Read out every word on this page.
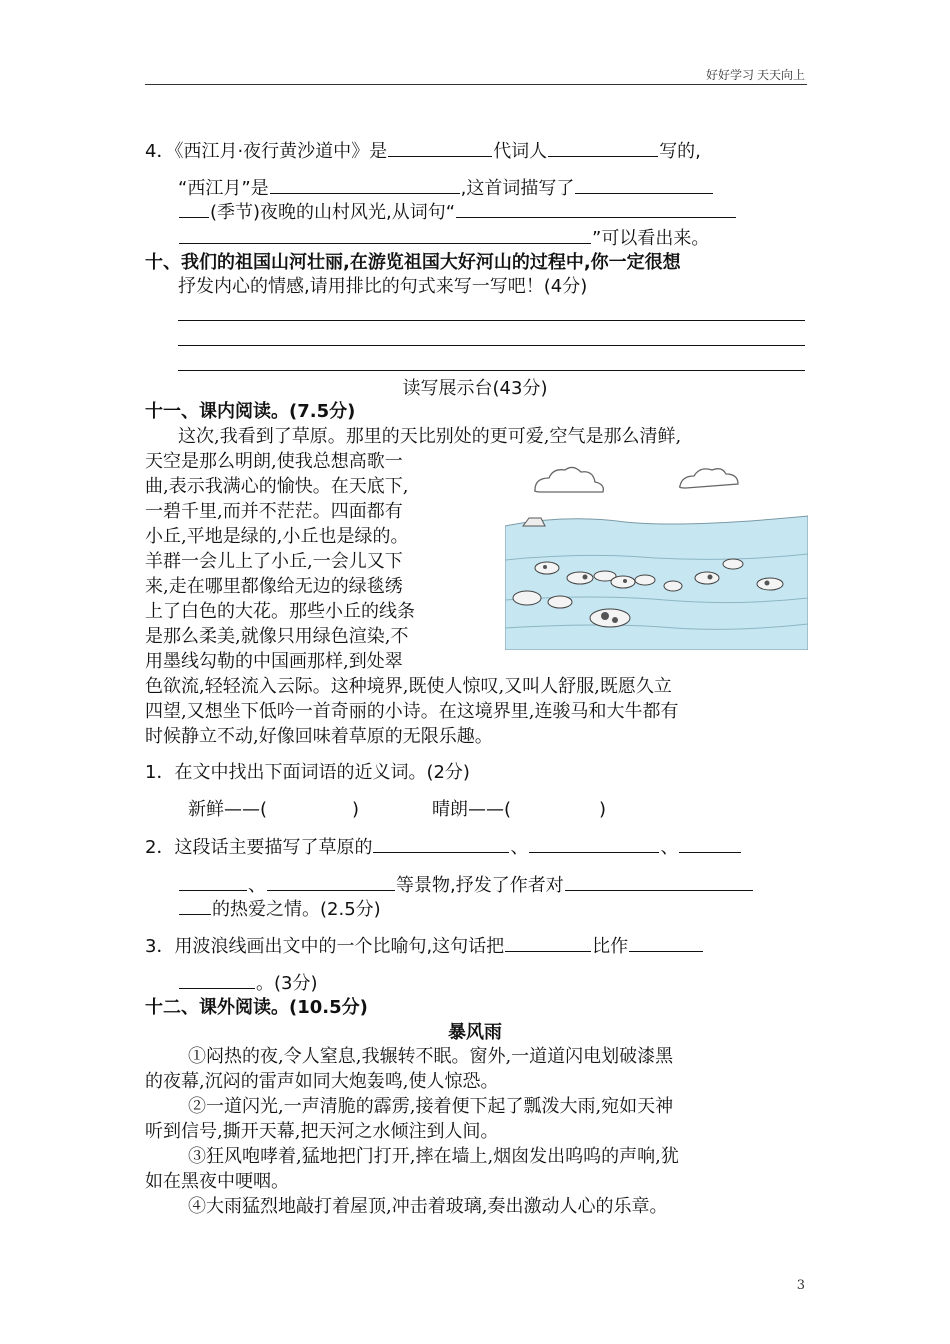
好好学习 天天向上
4．《西江月·夜行黄沙道中》是	代词人	写的,
“西江月”是	,这首词描写了
(季节)夜晚的山村风光,从词句“
”可以看出来。
十、我们的祖国山河壮丽,在游览祖国大好河山的过程中,你一定很想
抒发内心的情感,请用排比的句式来写一写吧！(4分)
读写展示台(43分)
十一、课内阅读。(7.5分)
这次,我看到了草原。那里的天比别处的更可爱,空气是那么清鲜,
天空是那么明朗,使我总想高歌一
曲,表示我满心的愉快。在天底下,
一碧千里,而并不茫茫。四面都有
小丘,平地是绿的,小丘也是绿的。
羊群一会儿上了小丘,一会儿又下
来,走在哪里都像给无边的绿毯绣
上了白色的大花。那些小丘的线条
是那么柔美,就像只用绿色渲染,不
用墨线勾勒的中国画那样,到处翠
色欲流,轻轻流入云际。这种境界,既使人惊叹,又叫人舒服,既愿久立
四望,又想坐下低吟一首奇丽的小诗。在这境界里,连骏马和大牛都有
时候静立不动,好像回味着草原的无限乐趣。
1．在文中找出下面词语的近义词。(2分)
新鲜——(	)	晴朗——(	)
2．这段话主要描写了草原的	、	、
、	等景物,抒发了作者对
的热爱之情。(2.5分)
3．用波浪线画出文中的一个比喻句,这句话把	比作
。(3分)
十二、课外阅读。(10.5分)
暴风雨
①闷热的夜,令人窒息,我辗转不眠。窗外,一道道闪电划破漆黑
的夜幕,沉闷的雷声如同大炮轰鸣,使人惊恐。
②一道闪光,一声清脆的霹雳,接着便下起了瓢泼大雨,宛如天神
听到信号,撕开天幕,把天河之水倾注到人间。
③狂风咆哮着,猛地把门打开,摔在墙上,烟囱发出呜呜的声响,犹
如在黑夜中哽咽。
④大雨猛烈地敲打着屋顶,冲击着玻璃,奏出激动人心的乐章。
3
